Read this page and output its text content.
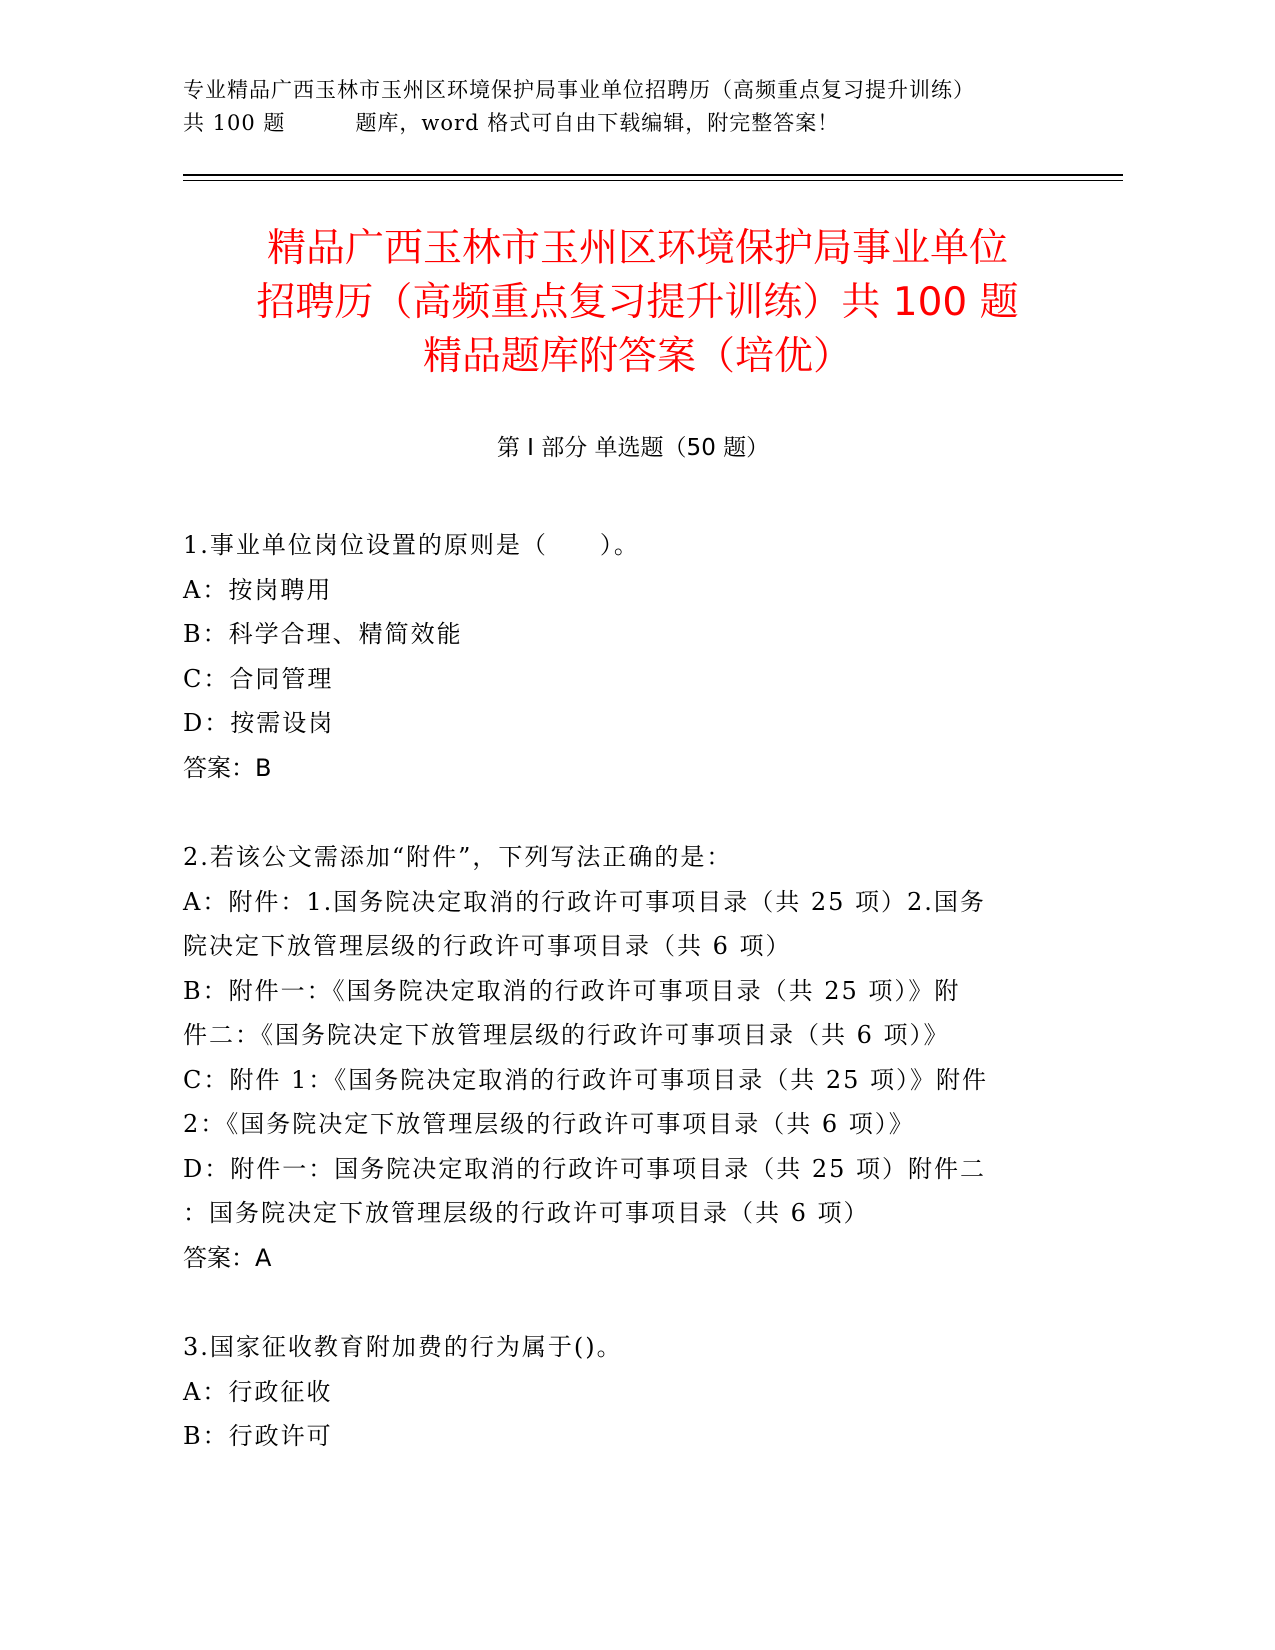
专业精品广西玉林市玉州区环境保护局事业单位招聘历（高频重点复习提升训练）
共 100 题	题库，word 格式可自由下载编辑，附完整答案！
精品广西玉林市玉州区环境保护局事业单位
招聘历（高频重点复习提升训练）共 100 题
精品题库附答案（培优）
第 I 部分 单选题（50 题）
1.事业单位岗位设置的原则是（　　）。
A：按岗聘用
B：科学合理、精简效能
C：合同管理
D：按需设岗
答案：B
2.若该公文需添加“附件”，下列写法正确的是：
A：附件：1.国务院决定取消的行政许可事项目录（共 25 项）2.国务
院决定下放管理层级的行政许可事项目录（共 6 项）
B：附件一：《国务院决定取消的行政许可事项目录（共 25 项）》附
件二：《国务院决定下放管理层级的行政许可事项目录（共 6 项）》
C：附件 1：《国务院决定取消的行政许可事项目录（共 25 项）》附件
2：《国务院决定下放管理层级的行政许可事项目录（共 6 项）》
D：附件一：国务院决定取消的行政许可事项目录（共 25 项）附件二
：国务院决定下放管理层级的行政许可事项目录（共 6 项）
答案：A
3.国家征收教育附加费的行为属于()。
A：行政征收
B：行政许可
